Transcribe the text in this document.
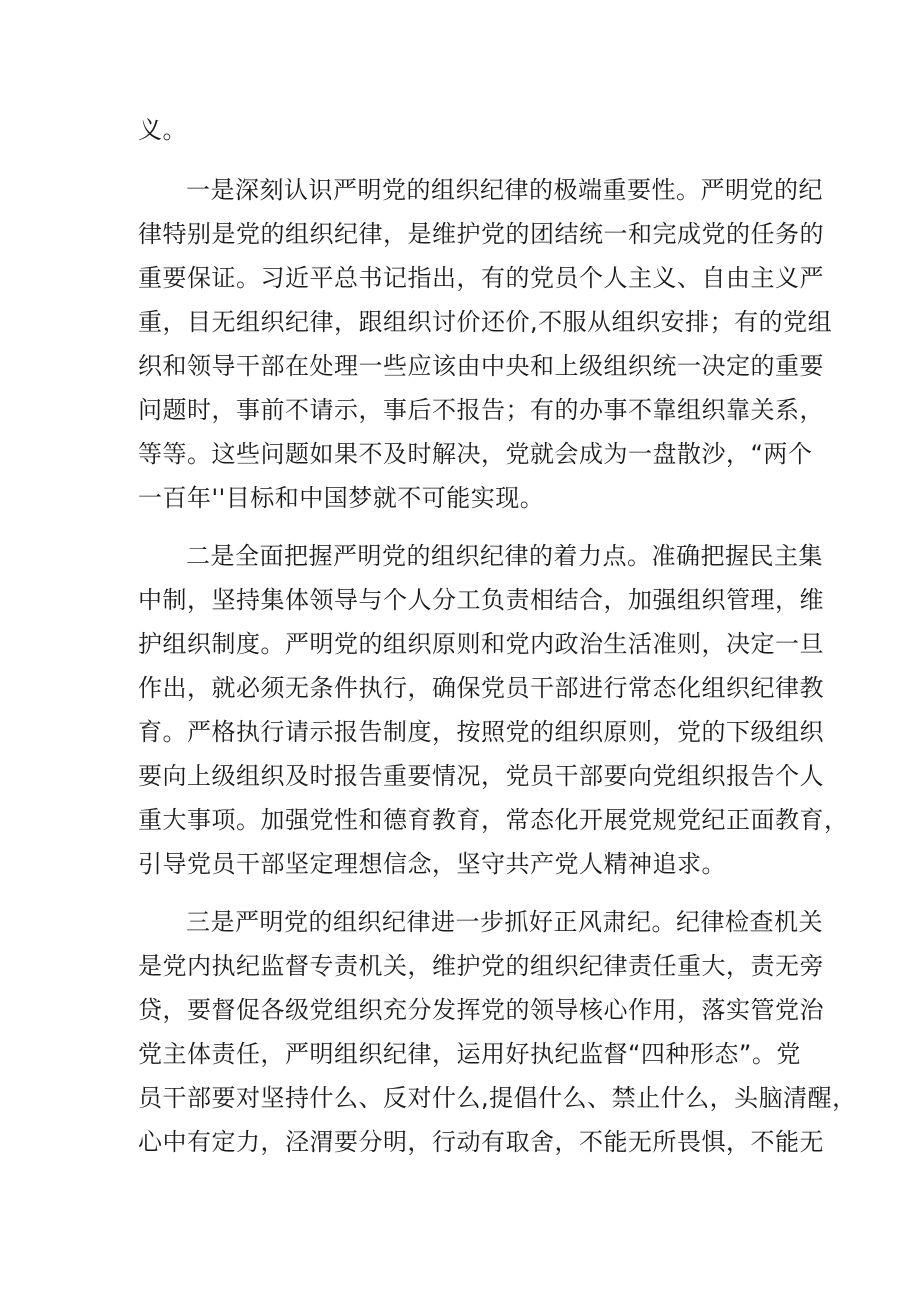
义。
一是深刻认识严明党的组织纪律的极端重要性。严明党的纪
律特别是党的组织纪律，是维护党的团结统一和完成党的任务的
重要保证。习近平总书记指出，有的党员个人主义、自由主义严
重，目无组织纪律，跟组织讨价还价,不服从组织安排；有的党组
织和领导干部在处理一些应该由中央和上级组织统一决定的重要
问题时，事前不请示，事后不报告；有的办事不靠组织靠关系，
等等。这些问题如果不及时解决，党就会成为一盘散沙，“两个
一百年''目标和中国梦就不可能实现。
二是全面把握严明党的组织纪律的着力点。准确把握民主集
中制，坚持集体领导与个人分工负责相结合，加强组织管理，维
护组织制度。严明党的组织原则和党内政治生活准则，决定一旦
作出，就必须无条件执行，确保党员干部进行常态化组织纪律教
育。严格执行请示报告制度，按照党的组织原则，党的下级组织
要向上级组织及时报告重要情况，党员干部要向党组织报告个人
重大事项。加强党性和德育教育，常态化开展党规党纪正面教育，
引导党员干部坚定理想信念，坚守共产党人精神追求。
三是严明党的组织纪律进一步抓好正风肃纪。纪律检查机关
是党内执纪监督专责机关，维护党的组织纪律责任重大，责无旁
贷，要督促各级党组织充分发挥党的领导核心作用，落实管党治
党主体责任，严明组织纪律，运用好执纪监督“四种形态”。党
员干部要对坚持什么、反对什么,提倡什么、禁止什么，头脑清醒，
心中有定力，泾渭要分明，行动有取舍，不能无所畏惧，不能无
